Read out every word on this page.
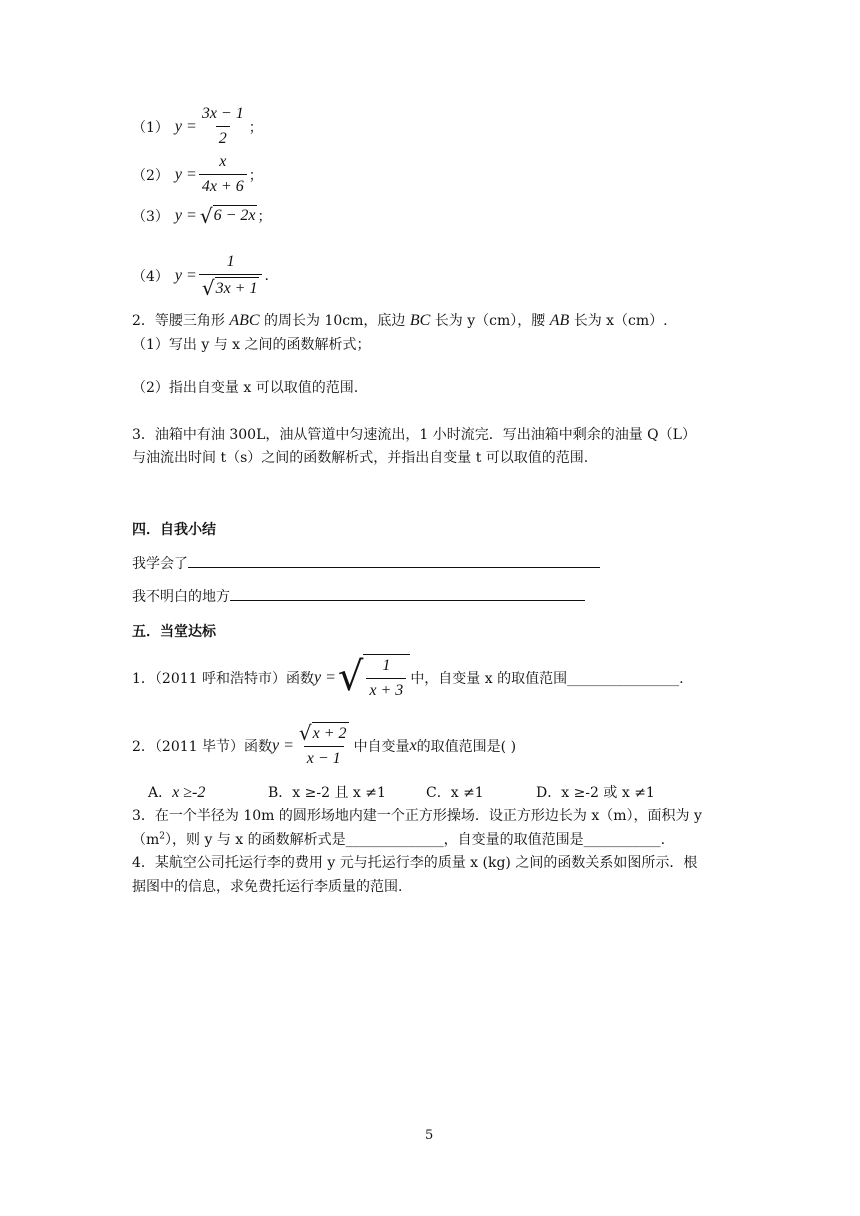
（1） $y = \frac{3x - 1}{2}$ ；
（2） $y = \frac{x}{4x + 6}$ ；
（3） y = √ 6 − 2x ；
（4） $y = \frac{1}{√ 3x + 1}$ .
2．等腰三角形 ABC 的周长为 10cm，底边 BC 长为 y（cm），腰 AB 长为 x（cm）.
（1）写出 y 与 x 之间的函数解析式；
（2）指出自变量 x 可以取值的范围.
3．油箱中有油 300L，油从管道中匀速流出，1 小时流完．写出油箱中剩余的油量 Q（L）
与油流出时间 t（s）之间的函数解析式，并指出自变量 t 可以取值的范围.
四．自我小结
我学会了
我不明白的地方
五．当堂达标
1．（2011 呼和浩特市）函数 y = √ $\frac{1}{x + 3}$ 中，自变量 x 的取值范围________________.
2．（2011 毕节）函数 $y = \frac{√ x + 2}{x - 1}$ 中自变量 x 的取值范围是( )
A．x ≥-2	B．x ≥-2 且 x ≠1	C．x ≠1	D．x ≥-2 或 x ≠1
3．在一个半径为 10m 的圆形场地内建一个正方形操场．设正方形边长为 x（m），面积为 y
$(m^2)$，则 y 与 x 的函数解析式是______________，自变量的取值范围是___________.
4．某航空公司托运行李的费用 y 元与托运行李的质量 x (kg) 之间的函数关系如图所示．根
据图中的信息，求免费托运行李质量的范围.
5
